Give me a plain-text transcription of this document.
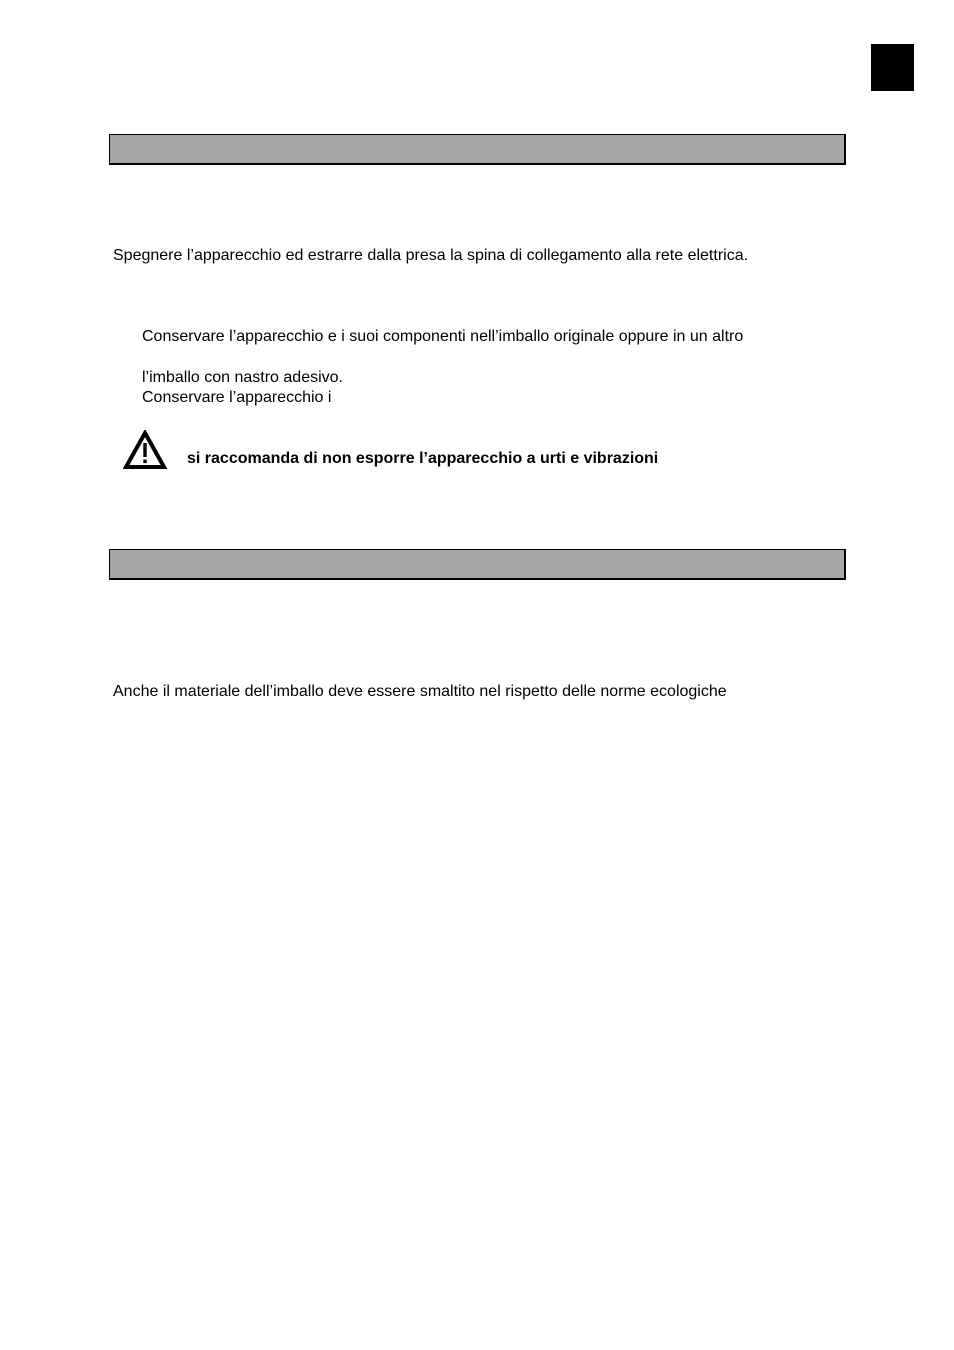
Spegnere l’apparecchio ed estrarre dalla presa la spina di collegamento alla rete elettrica.
Conservare l’apparecchio e i suoi componenti nell’imballo originale oppure in un altro
l’imballo con nastro adesivo.
Conservare l’apparecchio i
si raccomanda di non esporre l’apparecchio a urti e vibrazioni
Anche il materiale dell’imballo deve essere smaltito nel rispetto delle norme ecologiche
